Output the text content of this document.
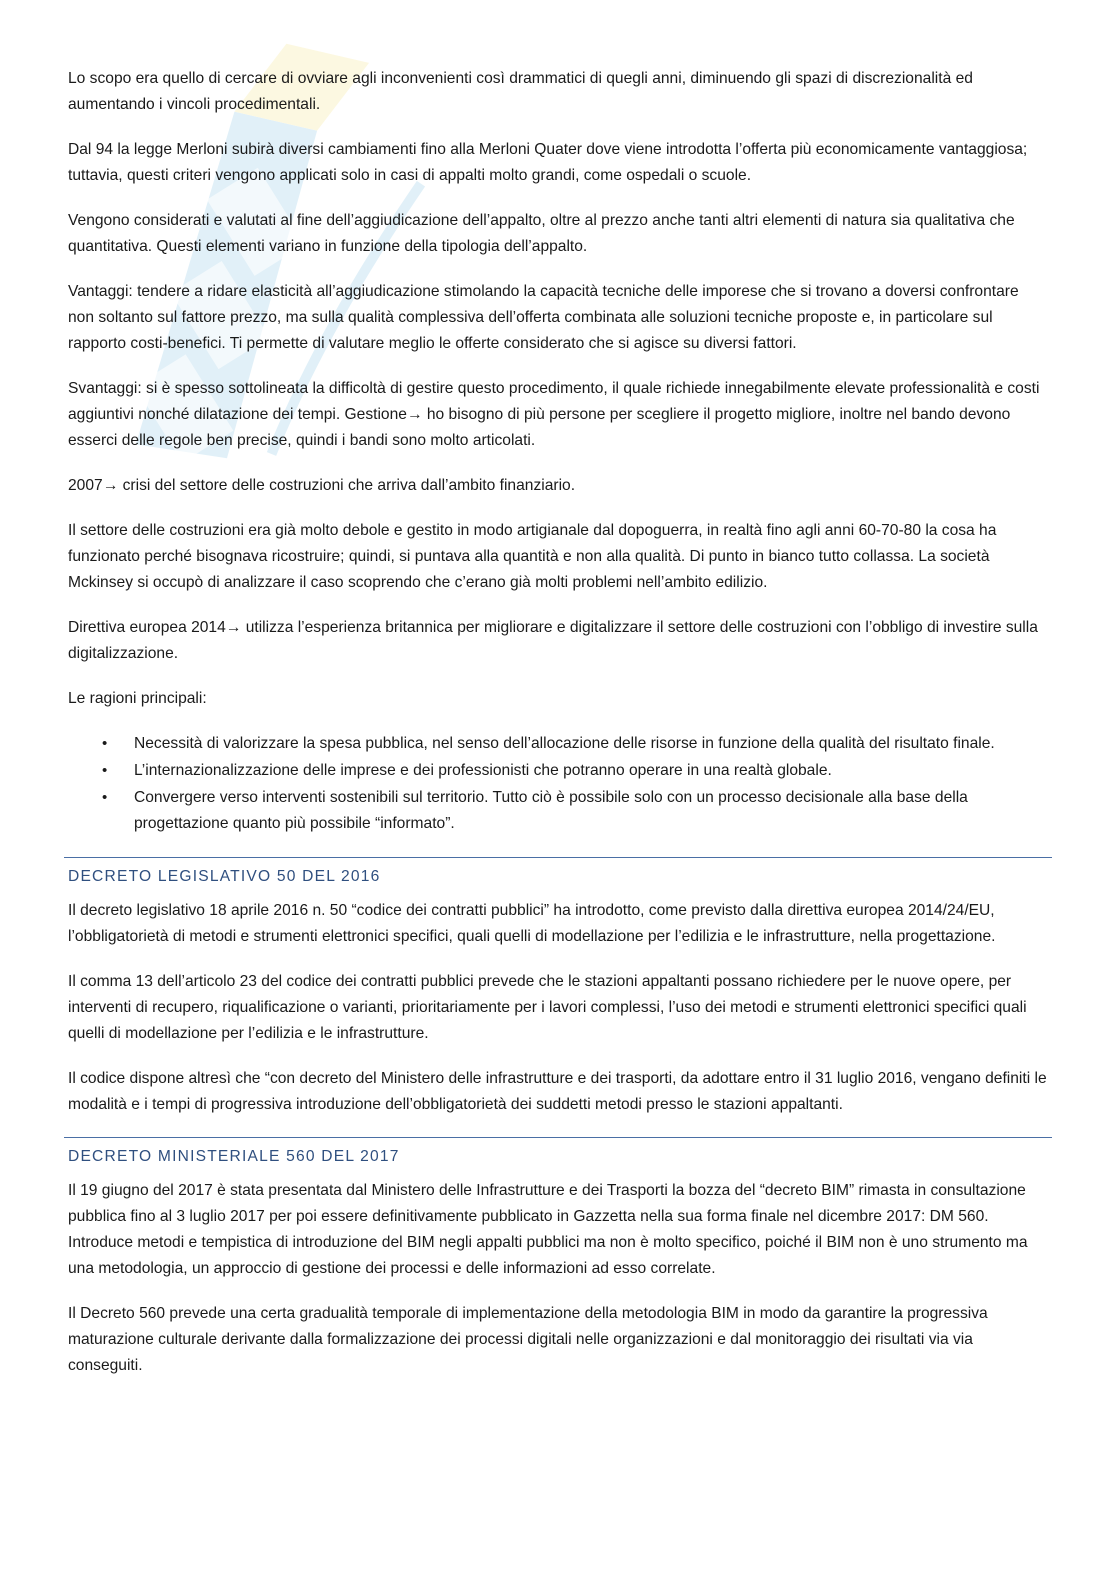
Lo scopo era quello di cercare di ovviare agli inconvenienti così drammatici di quegli anni, diminuendo gli spazi di discrezionalità ed aumentando i vincoli procedimentali.

Dal 94 la legge Merloni subirà diversi cambiamenti fino alla Merloni Quater dove viene introdotta l’offerta più economicamente vantaggiosa; tuttavia, questi criteri vengono applicati solo in casi di appalti molto grandi, come ospedali o scuole.

Vengono considerati e valutati al fine dell’aggiudicazione dell’appalto, oltre al prezzo anche tanti altri elementi di natura sia qualitativa che quantitativa. Questi elementi variano in funzione della tipologia dell’appalto.

Vantaggi: tendere a ridare elasticità all’aggiudicazione stimolando la capacità tecniche delle imporese che si trovano a doversi confrontare non soltanto sul fattore prezzo, ma sulla qualità complessiva dell’offerta combinata alle soluzioni tecniche proposte e, in particolare sul rapporto costi-benefici. Ti permette di valutare meglio le offerte considerato che si agisce su diversi fattori.

Svantaggi: si è spesso sottolineata la difficoltà di gestire questo procedimento, il quale richiede innegabilmente elevate professionalità e costi aggiuntivi nonché dilatazione dei tempi. Gestione→ ho bisogno di più persone per scegliere il progetto migliore, inoltre nel bando devono esserci delle regole ben precise, quindi i bandi sono molto articolati.

2007→ crisi del settore delle costruzioni che arriva dall’ambito finanziario.

Il settore delle costruzioni era già molto debole e gestito in modo artigianale dal dopoguerra, in realtà fino agli anni 60-70-80 la cosa ha funzionato perché bisognava ricostruire; quindi, si puntava alla quantità e non alla qualità. Di punto in bianco tutto collassa. La società Mckinsey si occupò di analizzare il caso scoprendo che c’erano già molti problemi nell’ambito edilizio.

Direttiva europea 2014→ utilizza l’esperienza britannica per migliorare e digitalizzare il settore delle costruzioni con l’obbligo di investire sulla digitalizzazione.

Le ragioni principali:

• Necessità di valorizzare la spesa pubblica, nel senso dell’allocazione delle risorse in funzione della qualità del risultato finale.
• L’internazionalizzazione delle imprese e dei professionisti che potranno operare in una realtà globale.
• Convergere verso interventi sostenibili sul territorio. Tutto ciò è possibile solo con un processo decisionale alla base della progettazione quanto più possibile “informato”.
DECRETO LEGISLATIVO 50 DEL 2016

Il decreto legislativo 18 aprile 2016 n. 50 “codice dei contratti pubblici” ha introdotto, come previsto dalla direttiva europea 2014/24/EU, l’obbligatorietà di metodi e strumenti elettronici specifici, quali quelli di modellazione per l’edilizia e le infrastrutture, nella progettazione.

Il comma 13 dell’articolo 23 del codice dei contratti pubblici prevede che le stazioni appaltanti possano richiedere per le nuove opere, per interventi di recupero, riqualificazione o varianti, prioritariamente per i lavori complessi, l’uso dei metodi e strumenti elettronici specifici quali quelli di modellazione per l’edilizia e le infrastrutture.

Il codice dispone altresì che “con decreto del Ministero delle infrastrutture e dei trasporti, da adottare entro il 31 luglio 2016, vengano definiti le modalità e i tempi di progressiva introduzione dell’obbligatorietà dei suddetti metodi presso le stazioni appaltanti.

DECRETO MINISTERIALE 560 DEL 2017

Il 19 giugno del 2017 è stata presentata dal Ministero delle Infrastrutture e dei Trasporti la bozza del “decreto BIM” rimasta in consultazione pubblica fino al 3 luglio 2017 per poi essere definitivamente pubblicato in Gazzetta nella sua forma finale nel dicembre 2017: DM 560. Introduce metodi e tempistica di introduzione del BIM negli appalti pubblici ma non è molto specifico, poiché il BIM non è uno strumento ma una metodologia, un approccio di gestione dei processi e delle informazioni ad esso correlate.

Il Decreto 560 prevede una certa gradualità temporale di implementazione della metodologia BIM in modo da garantire la progressiva maturazione culturale derivante dalla formalizzazione dei processi digitali nelle organizzazioni e dal monitoraggio dei risultati via via conseguiti.
